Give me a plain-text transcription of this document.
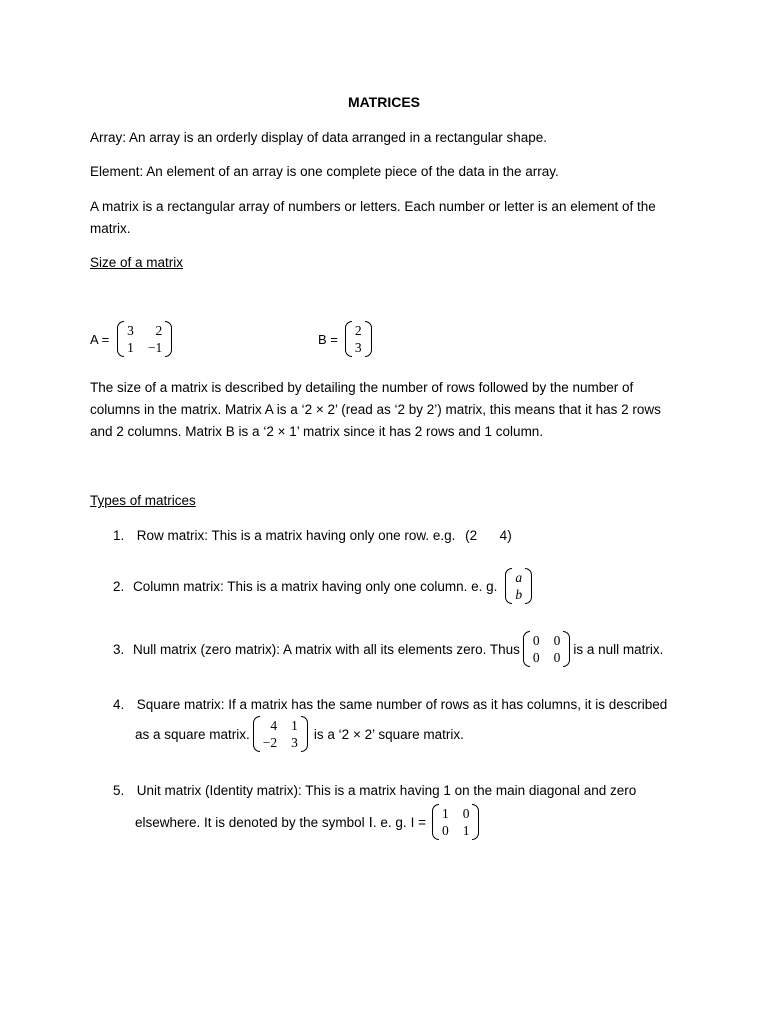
MATRICES
Array: An array is an orderly display of data arranged in a rectangular shape.
Element: An element of an array is one complete piece of the data in the array.
A matrix is a rectangular array of numbers or letters. Each number or letter is an element of the
matrix.
Size of a matrix
A =
3	2
1 −1
B =
2
3
The size of a matrix is described by detailing the number of rows followed by the number of
columns in the matrix. Matrix A is a ‘2 × 2’ (read as ‘2 by 2’) matrix, this means that it has 2 rows
and 2 columns. Matrix B is a ‘2 × 1’ matrix since it has 2 rows and 1 column.
Types of matrices
1. Row matrix: This is a matrix having only one row. e.g. (2      4)
2. Column matrix: This is a matrix having only one column. e. g.
a
b
3. Null matrix (zero matrix): A matrix with all its elements zero. Thus
0 0
0 0
is a null matrix.
4. Square matrix: If a matrix has the same number of rows as it has columns, it is described
as a square matrix.
4 1
−2 3
is a ‘2 × 2’ square matrix.
5. Unit matrix (Identity matrix): This is a matrix having 1 on the main diagonal and zero
elsewhere. It is denoted by the symbol I . e. g. I =
1 0
0 1
